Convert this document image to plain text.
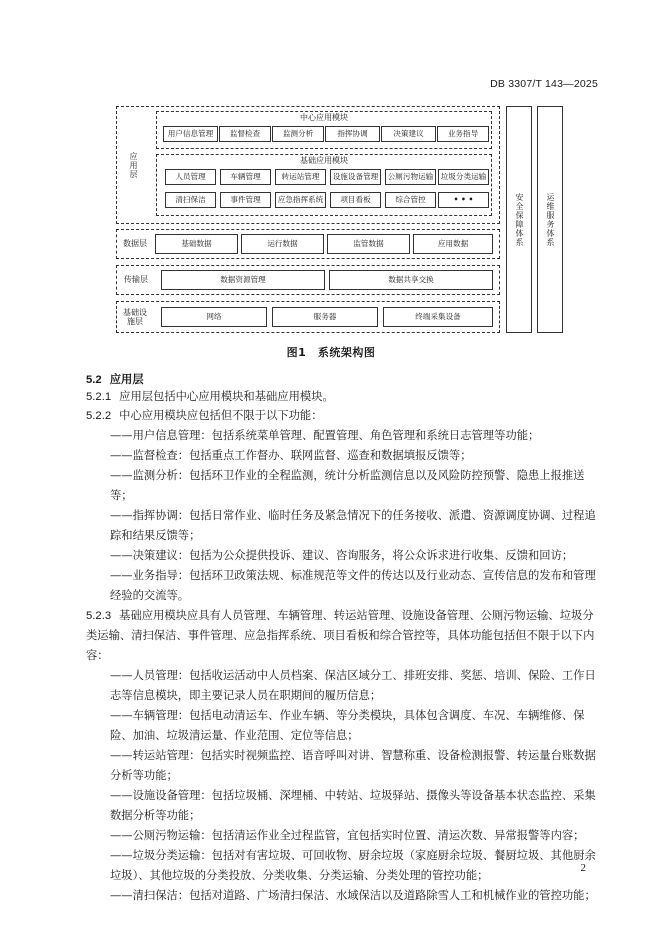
DB 3307/T 143—2025
应用层
中心应用模块
用户信息管理	监督检查	监测分析	指挥协调	决策建议	业务指导
基础应用模块
人员管理	车辆管理	转运站管理	设施设备管理	公厕污物运输 垃圾分类运输
清扫保洁	事件管理	应急指挥系统	项目看板	综合管控	• • •
数据层	基础数据	运行数据	监管数据	应用数据
传输层	数据资源管理	数据共享交换
基础设施层
网络	服务器	终端采集设备
安全保障体系	运维服务体系
图1　系统架构图
5.2 应用层

5.2.1 应用层包括中心应用模块和基础应用模块。

5.2.2 中心应用模块应包括但不限于以下功能：

——用户信息管理：包括系统菜单管理、配置管理、角色管理和系统日志管理等功能；

——监督检查：包括重点工作督办、联网监督、巡查和数据填报反馈等；

——监测分析：包括环卫作业的全程监测，统计分析监测信息以及风险防控预警、隐患上报推送等；

——指挥协调：包括日常作业、临时任务及紧急情况下的任务接收、派遣、资源调度协调、过程追踪和结果反馈等；

——决策建议：包括为公众提供投诉、建议、咨询服务，将公众诉求进行收集、反馈和回访；

——业务指导：包括环卫政策法规、标准规范等文件的传达以及行业动态、宣传信息的发布和管理经验的交流等。

5.2.3 基础应用模块应具有人员管理、车辆管理、转运站管理、设施设备管理、公厕污物运输、垃圾分类运输、清扫保洁、事件管理、应急指挥系统、项目看板和综合管控等，具体功能包括但不限于以下内容：

——人员管理：包括收运活动中人员档案、保洁区域分工、排班安排、奖惩、培训、保险、工作日志等信息模块，即主要记录人员在职期间的履历信息；

——车辆管理：包括电动清运车、作业车辆、等分类模块，具体包含调度、车况、车辆维修、保险、加油、垃圾清运量、作业范围、定位等信息；

——转运站管理：包括实时视频监控、语音呼叫对讲、智慧称重、设备检测报警、转运量台账数据分析等功能；

——设施设备管理：包括垃圾桶、深埋桶、中转站、垃圾驿站、摄像头等设备基本状态监控、采集数据分析等功能；

——公厕污物运输：包括清运作业全过程监管，宜包括实时位置、清运次数、异常报警等内容；

——垃圾分类运输：包括对有害垃圾、可回收物、厨余垃圾（家庭厨余垃圾、餐厨垃圾、其他厨余垃圾）、其他垃圾的分类投放、分类收集、分类运输、分类处理的管控功能；

——清扫保洁：包括对道路、广场清扫保洁、水域保洁以及道路除雪人工和机械作业的管控功能；

2
